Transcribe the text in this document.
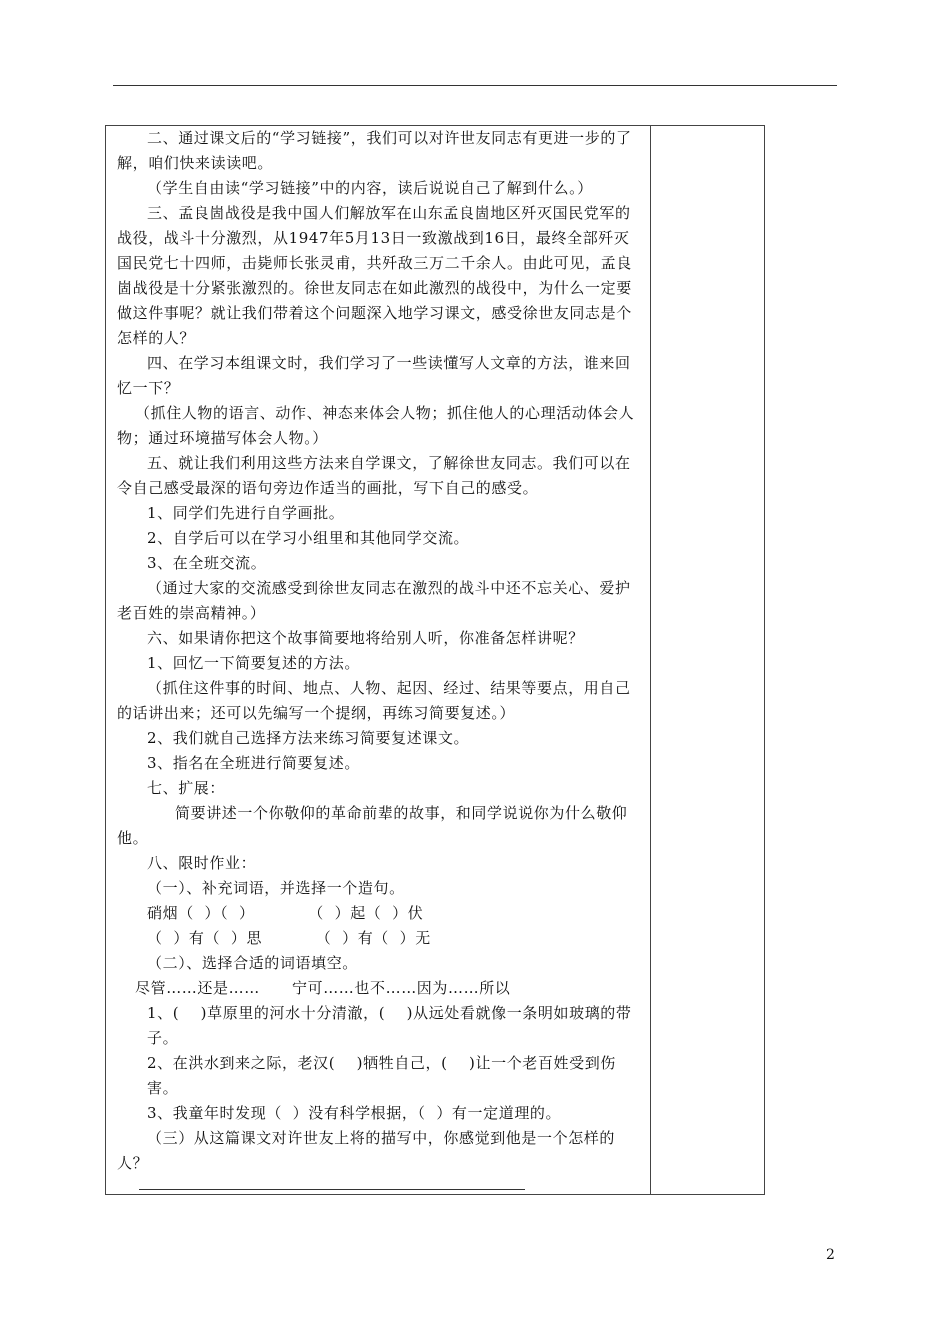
二、通过课文后的“学习链接”，我们可以对许世友同志有更进一步的了解，咱们快来读读吧。

（学生自由读“学习链接”中的内容，读后说说自己了解到什么。）

三、孟良崮战役是我中国人们解放军在山东孟良崮地区歼灭国民党军的战役，战斗十分激烈，从1947年5月13日一致激战到16日，最终全部歼灭国民党七十四师，击毙师长张灵甫，共歼敌三万二千余人。由此可见，孟良崮战役是十分紧张激烈的。徐世友同志在如此激烈的战役中，为什么一定要做这件事呢？就让我们带着这个问题深入地学习课文，感受徐世友同志是个怎样的人？

四、在学习本组课文时，我们学习了一些读懂写人文章的方法，谁来回忆一下？

（抓住人物的语言、动作、神态来体会人物；抓住他人的心理活动体会人物；通过环境描写体会人物。）

五、就让我们利用这些方法来自学课文，了解徐世友同志。我们可以在令自己感受最深的语句旁边作适当的画批，写下自己的感受。

1、同学们先进行自学画批。

2、自学后可以在学习小组里和其他同学交流。

3、在全班交流。

（通过大家的交流感受到徐世友同志在激烈的战斗中还不忘关心、爱护老百姓的崇高精神。）

六、如果请你把这个故事简要地将给别人听，你准备怎样讲呢？

1、回忆一下简要复述的方法。

（抓住这件事的时间、地点、人物、起因、经过、结果等要点，用自己的话讲出来；还可以先编写一个提纲，再练习简要复述。）

2、我们就自己选择方法来练习简要复述课文。

3、指名在全班进行简要复述。

七、扩展：

简要讲述一个你敬仰的革命前辈的故事，和同学说说你为什么敬仰他。

八、限时作业：

（一）、补充词语，并选择一个造句。

硝烟（  ）（  ）          （  ）起（  ）伏

（  ）有（  ）思          （  ）有（  ）无

（二）、选择合适的词语填空。

尽管……还是……      宁可……也不……因为……所以

1、(    )草原里的河水十分清澈，(    )从远处看就像一条明如玻璃的带子。

2、在洪水到来之际，老汉(    )牺牲自己，(    )让一个老百姓受到伤害。

3、我童年时发现（  ）没有科学根据，（  ）有一定道理的。

（三）从这篇课文对许世友上将的描写中，你感觉到他是一个怎样的人？

2
